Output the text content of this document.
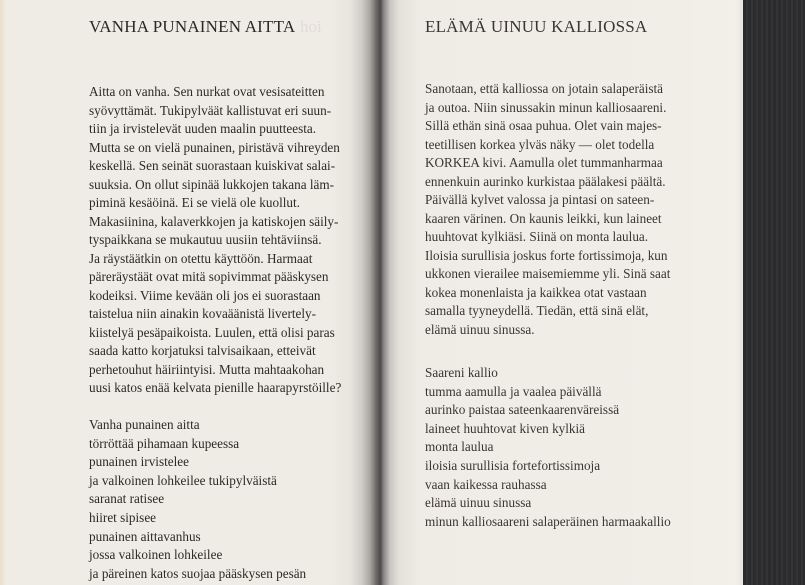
VANHA PUNAINEN AITTA hoi
Aitta on vanha. Sen nurkat ovat vesisateitten
syövyttämät. Tukipylväät kallistuvat eri suun-
tiin ja irvistelevät uuden maalin puutteesta.
Mutta se on vielä punainen, piristävä vihreyden
keskellä. Sen seinät suorastaan kuiskivat salai-
suuksia. On ollut sipinää lukkojen takana läm-
piminä kesäöinä. Ei se vielä ole kuollut.
Makasiinina, kalaverkkojen ja katiskojen säily-
tyspaikkana se mukautuu uusiin tehtäviinsä.
Ja räystäätkin on otettu käyttöön. Harmaat
päreräystäät ovat mitä sopivimmat pääskysen
kodeiksi. Viime kevään oli jos ei suorastaan
taistelua niin ainakin kovaäänistä livertely-
kiistelyä pesäpaikoista. Luulen, että olisi paras
saada katto korjatuksi talvisaikaan, etteivät
perhetouhut häiriintyisi. Mutta mahtaakohan
uusi katos enää kelvata pienille haarapyrstöille?
Vanha punainen aitta
törröttää pihamaan kupeessa
punainen irvistelee
ja valkoinen lohkeilee tukipylväistä
saranat ratisee
hiiret sipisee
punainen aittavanhus
jossa valkoinen lohkeilee
ja päreinen katos suojaa pääskysen pesän
ELÄMÄ UINUU KALLIOSSA
Sanotaan, että kalliossa on jotain salaperäistä
ja outoa. Niin sinussakin minun kalliosaareni.
Sillä ethän sinä osaa puhua. Olet vain majes-
teetillisen korkea ylväs näky — olet todella
KORKEA kivi. Aamulla olet tummanharmaa
ennenkuin aurinko kurkistaa päälakesi päältä.
Päivällä kylvet valossa ja pintasi on sateen-
kaaren värinen. On kaunis leikki, kun laineet
huuhtovat kylkiäsi. Siinä on monta laulua.
Iloisia surullisia joskus forte fortissimoja, kun
ukkonen vierailee maisemiemme yli. Sinä saat
kokea monenlaista ja kaikkea otat vastaan
samalla tyyneydellä. Tiedän, että sinä elät,
elämä uinuu sinussa.
Saareni kallio
tumma aamulla ja vaalea päivällä
aurinko paistaa sateenkaarenväreissä
laineet huuhtovat kiven kylkiä
monta laulua
iloisia surullisia fortefortissimoja
vaan kaikessa rauhassa
elämä uinuu sinussa
minun kalliosaareni salaperäinen harmaakallio
